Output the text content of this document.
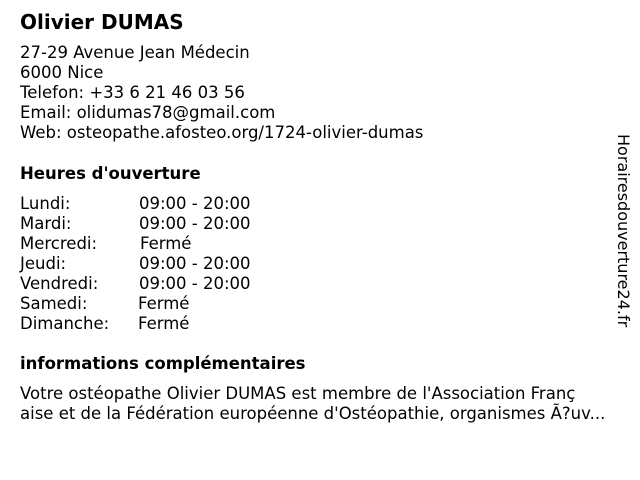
Olivier DUMAS
27-29 Avenue Jean Médecin
6000 Nice
Telefon: +33 6 21 46 03 56
Email: olidumas78@gmail.com
Web: osteopathe.afosteo.org/1724-olivier-dumas
Heures d'ouverture
Lundi:	09:00 - 20:00
Mardi:	09:00 - 20:00
Mercredi:	Fermé
Jeudi:	09:00 - 20:00
Vendredi: 09:00 - 20:00
Samedi:	Fermé
Dimanche: Fermé
informations complémentaires
Votre ostéopathe Olivier DUMAS est membre de l'Association Franç
aise et de la Fédération européenne d'Ostéopathie, organismes Ã?uv...
Horairesdouverture24.fr
